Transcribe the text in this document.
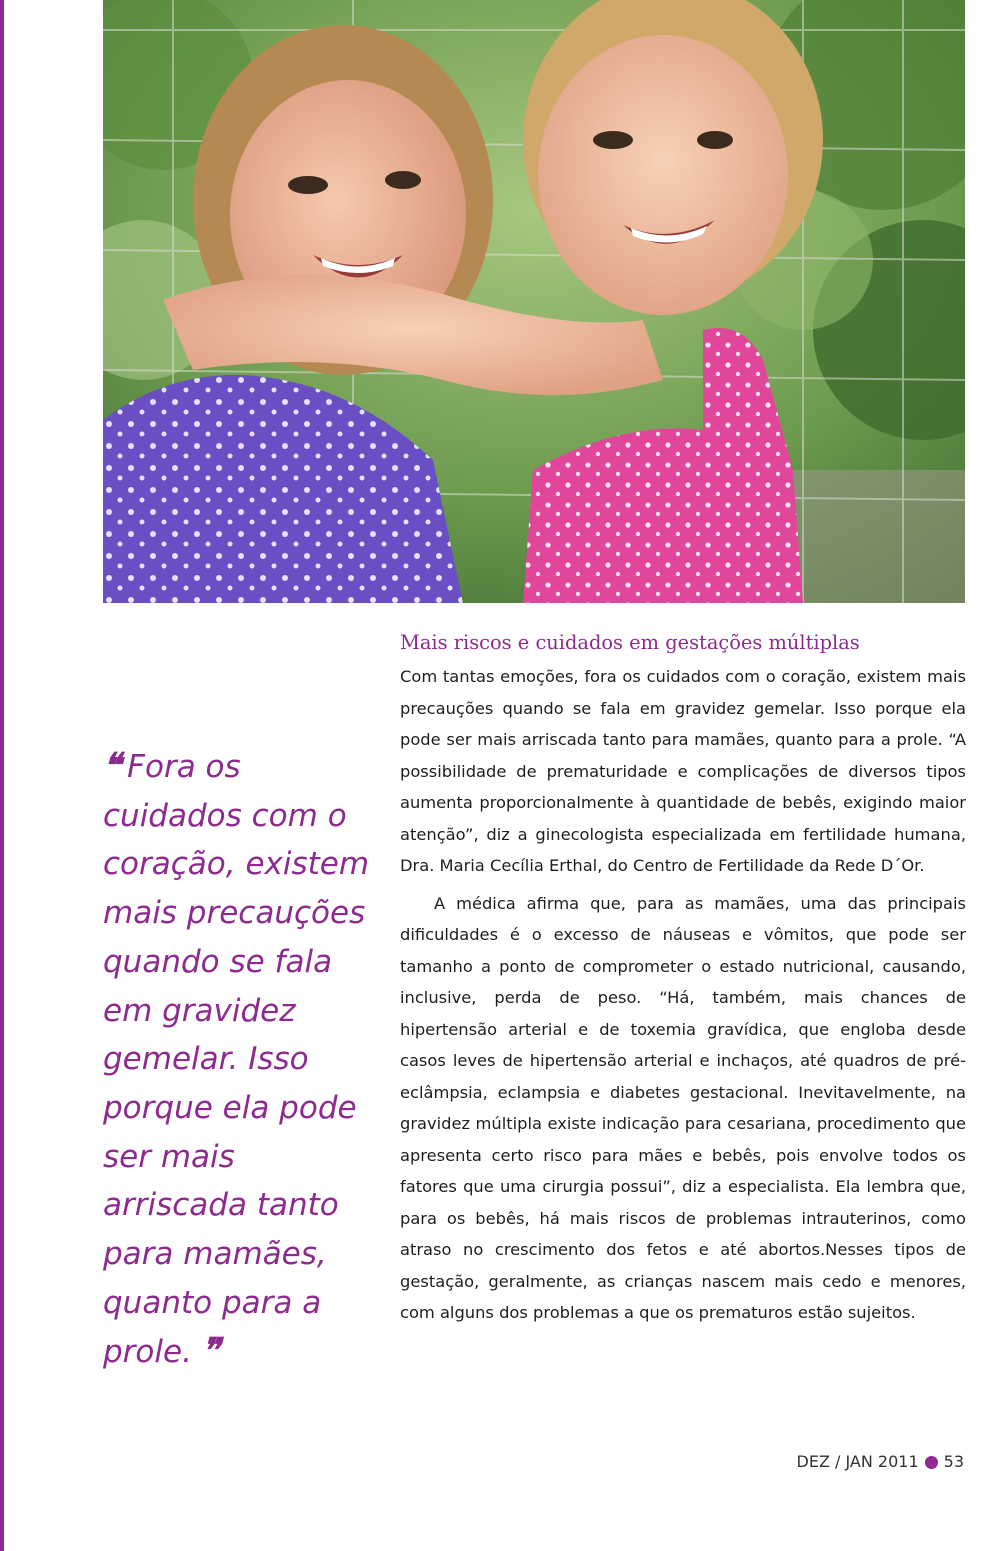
❝ Fora os cuidados com o coração, existem mais precauções quando se fala em gravidez gemelar. Isso porque ela pode ser mais arriscada tanto para mamães, quanto para a prole. ❞
Mais riscos e cuidados em gestações múltiplas

Com tantas emoções, fora os cuidados com o coração, existem mais precauções quando se fala em gravidez gemelar. Isso porque ela pode ser mais arriscada tanto para mamães, quanto para a prole. “A possibilidade de prematuridade e complicações de diversos tipos aumenta proporcionalmente à quantidade de bebês, exigindo maior atenção”, diz a ginecologista especializada em fertilidade humana, Dra. Maria Cecília Erthal, do Centro de Fertilidade da Rede D´Or.

A médica afirma que, para as mamães, uma das principais dificuldades é o excesso de náuseas e vômitos, que pode ser tamanho a ponto de comprometer o estado nutricional, causando, inclusive, perda de peso. “Há, também, mais chances de hipertensão arterial e de toxemia gravídica, que engloba desde casos leves de hipertensão arterial e inchaços, até quadros de pré-eclâmpsia, eclampsia e diabetes gestacional. Inevitavelmente, na gravidez múltipla existe indicação para cesariana, procedimento que apresenta certo risco para mães e bebês, pois envolve todos os fatores que uma cirurgia possui”, diz a especialista. Ela lembra que, para os bebês, há mais riscos de problemas intrauterinos, como atraso no crescimento dos fetos e até abortos.Nesses tipos de gestação, geralmente, as crianças nascem mais cedo e menores, com alguns dos problemas a que os prematuros estão sujeitos.

DEZ / JAN 2011 53
